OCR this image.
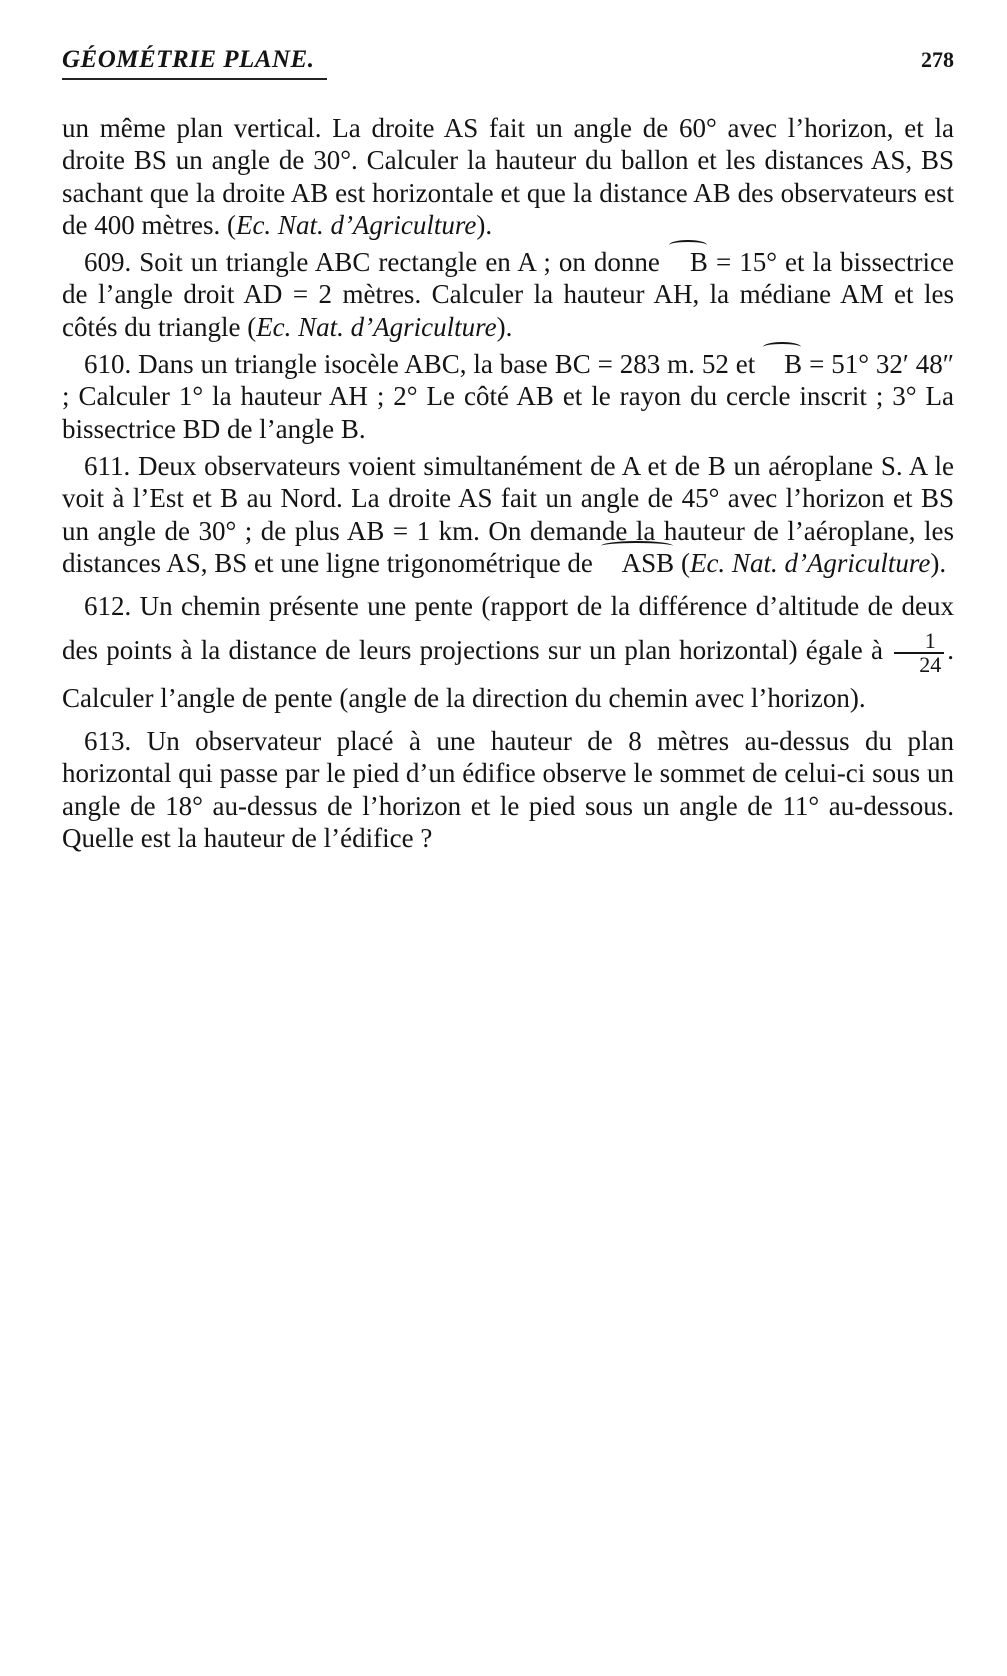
GÉOMÉTRIE PLANE.	278

un même plan vertical. La droite AS fait un angle de 60° avec l’horizon, et la droite BS un angle de 30°. Calculer la hauteur du ballon et les distances AS, BS sachant que la droite AB est horizontale et que la distance AB des observateurs est de 400 mètres. (Ec. Nat. d’Agriculture).

609. Soit un triangle ABC rectangle en A ; on donne B = 15° et la bissectrice de l’angle droit AD = 2 mètres. Calculer la hauteur AH, la médiane AM et les côtés du triangle (Ec. Nat. d’Agriculture).

610. Dans un triangle isocèle ABC, la base BC = 283 m. 52 et B = 51° 32′ 48″ ; Calculer 1° la hauteur AH ; 2° Le côté AB et le rayon du cercle inscrit ; 3° La bissectrice BD de l’angle B.

611. Deux observateurs voient simultanément de A et de B un aéroplane S. A le voit à l’Est et B au Nord. La droite AS fait un angle de 45° avec l’horizon et BS un angle de 30° ; de plus AB = 1 km. On demande la hauteur de l’aéroplane, les distances AS, BS et une ligne trigonométrique de ASB (Ec. Nat. d’Agriculture).

612. Un chemin présente une pente (rapport de la différence d’altitude de deux des points à la distance de leurs projections sur un plan horizontal) égale à $\frac{1}{24}$ . Calculer l’angle de pente (angle de la direction du chemin avec l’horizon).

613. Un observateur placé à une hauteur de 8 mètres au-dessus du plan horizontal qui passe par le pied d’un édifice observe le sommet de celui-ci sous un angle de 18° au-dessus de l’horizon et le pied sous un angle de 11° au-dessous. Quelle est la hauteur de l’édifice ?
